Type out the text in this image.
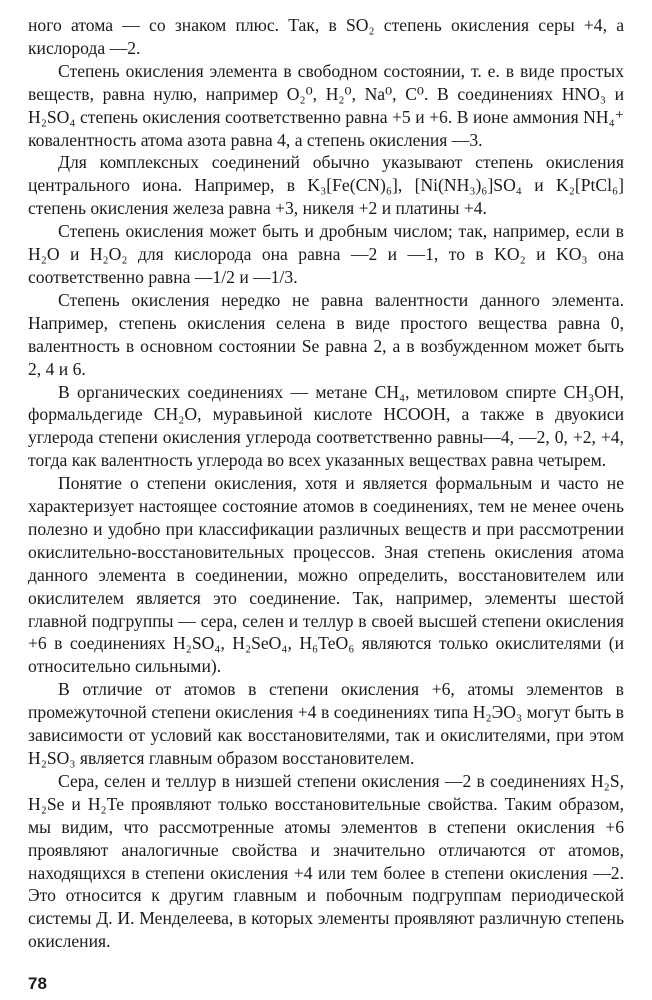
ного атома — со знаком плюс. Так, в SO₂ степень окисления серы +4, а кислорода —2.

Степень окисления элемента в свободном состоянии, т. е. в виде простых веществ, равна нулю, например O₂⁰, H₂⁰, Na⁰, C⁰. В соединениях HNO₃ и H₂SO₄ степень окисления соответственно равна +5 и +6. В ионе аммония NH₄⁺ ковалентность атома азота равна 4, а степень окисления —3.

Для комплексных соединений обычно указывают степень окисления центрального иона. Например, в K₃[Fe(CN)₆], [Ni(NH₃)₆]SO₄ и K₂[PtCl₆] степень окисления железа равна +3, никеля +2 и платины +4.

Степень окисления может быть и дробным числом; так, например, если в H₂O и H₂O₂ для кислорода она равна —2 и —1, то в KO₂ и KO₃ она соответственно равна —1/2 и —1/3.

Степень окисления нередко не равна валентности данного элемента. Например, степень окисления селена в виде простого вещества равна 0, валентность в основном состоянии Se равна 2, а в возбужденном может быть 2, 4 и 6.

В органических соединениях — метане CH₄, метиловом спирте CH₃OH, формальдегиде CH₂O, муравьиной кислоте HCOOH, а также в двуокиси углерода степени окисления углерода соответственно равны—4, —2, 0, +2, +4, тогда как валентность углерода во всех указанных веществах равна четырем.

Понятие о степени окисления, хотя и является формальным и часто не характеризует настоящее состояние атомов в соединениях, тем не менее очень полезно и удобно при классификации различных веществ и при рассмотрении окислительно-восстановительных процессов. Зная степень окисления атома данного элемента в соединении, можно определить, восстановителем или окислителем является это соединение. Так, например, элементы шестой главной подгруппы — сера, селен и теллур в своей высшей степени окисления +6 в соединениях H₂SO₄, H₂SeO₄, H₆TeO₆ являются только окислителями (и относительно сильными).

В отличие от атомов в степени окисления +6, атомы элементов в промежуточной степени окисления +4 в соединениях типа H₂ЭO₃ могут быть в зависимости от условий как восстановителями, так и окислителями, при этом H₂SO₃ является главным образом восстановителем.

Сера, селен и теллур в низшей степени окисления —2 в соединениях H₂S, H₂Se и H₂Te проявляют только восстановительные свойства. Таким образом, мы видим, что рассмотренные атомы элементов в степени окисления +6 проявляют аналогичные свойства и значительно отличаются от атомов, находящихся в степени окисления +4 или тем более в степени окисления —2. Это относится к другим главным и побочным подгруппам периодической системы Д. И. Менделеева, в которых элементы проявляют различную степень окисления.

78
